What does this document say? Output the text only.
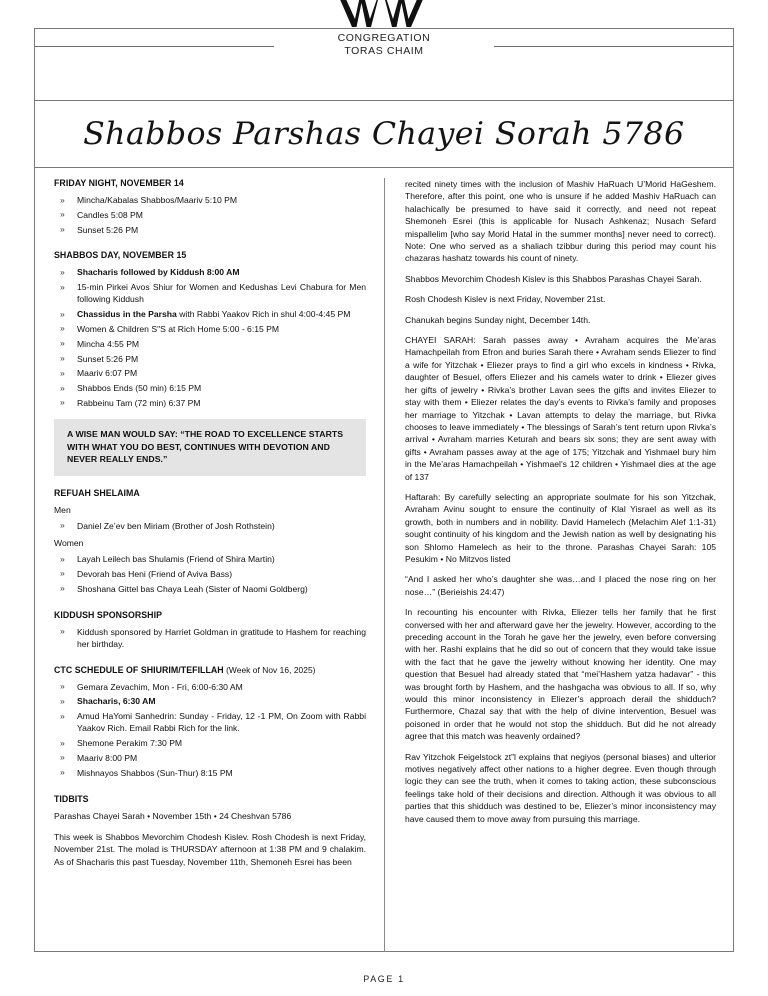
CONGREGATION
TORAS CHAIM
Shabbos Parshas Chayei Sorah 5786
FRIDAY NIGHT, NOVEMBER 14
» Mincha/Kabalas Shabbos/Maariv 5:10 PM
» Candles 5:08 PM
» Sunset 5:26 PM
SHABBOS DAY, NOVEMBER 15
» Shacharis followed by Kiddush 8:00 AM
» 15-min Pirkei Avos Shiur for Women and Kedushas Levi Chabura for Men following Kiddush
» Chassidus in the Parsha with Rabbi Yaakov Rich in shul 4:00-4:45 PM
» Women & Children S"S at Rich Home 5:00 - 6:15 PM
» Mincha 4:55 PM
» Sunset 5:26 PM
» Maariv 6:07 PM
» Shabbos Ends (50 min) 6:15 PM
» Rabbeinu Tam (72 min) 6:37 PM
A WISE MAN WOULD SAY: “THE ROAD TO EXCELLENCE STARTS WITH WHAT YOU DO BEST, CONTINUES WITH DEVOTION AND NEVER REALLY ENDS.”
REFUAH SHELAIMA
Men
» Daniel Ze’ev ben Miriam (Brother of Josh Rothstein)
Women
» Layah Leilech bas Shulamis (Friend of Shira Martin)
» Devorah bas Heni (Friend of Aviva Bass)
» Shoshana Gittel bas Chaya Leah (Sister of Naomi Goldberg)
KIDDUSH SPONSORSHIP
» Kiddush sponsored by Harriet Goldman in gratitude to Hashem for reaching her birthday.
CTC SCHEDULE OF SHIURIM/TEFILLAH (Week of Nov 16, 2025)
» Gemara Zevachim, Mon - Fri, 6:00-6:30 AM
» Shacharis, 6:30 AM
» Amud HaYomi Sanhedrin: Sunday - Friday, 12 -1 PM, On Zoom with Rabbi Yaakov Rich. Email Rabbi Rich for the link.
» Shemone Perakim 7:30 PM
» Maariv 8:00 PM
» Mishnayos Shabbos (Sun-Thur) 8:15 PM
TIDBITS

Parashas Chayei Sarah • November 15th • 24 Cheshvan 5786

This week is Shabbos Mevorchim Chodesh Kislev. Rosh Chodesh is next Friday, November 21st. The molad is THURSDAY afternoon at 1:38 PM and 9 chalakim. As of Shacharis this past Tuesday, November 11th, Shemoneh Esrei has been

recited ninety times with the inclusion of Mashiv HaRuach U’Morid HaGeshem. Therefore, after this point, one who is unsure if he added Mashiv HaRuach can halachically be presumed to have said it correctly, and need not repeat Shemoneh Esrei (this is applicable for Nusach Ashkenaz; Nusach Sefard mispallelim [who say Morid Hatal in the summer months] never need to correct). Note: One who served as a shaliach tzibbur during this period may count his chazaras hashatz towards his count of ninety.

Shabbos Mevorchim Chodesh Kislev is this Shabbos Parashas Chayei Sarah.

Rosh Chodesh Kislev is next Friday, November 21st.

Chanukah begins Sunday night, December 14th.

CHAYEI SARAH: Sarah passes away • Avraham acquires the Me’aras Hamachpeilah from Efron and buries Sarah there • Avraham sends Eliezer to find a wife for Yitzchak • Eliezer prays to find a girl who excels in kindness • Rivka, daughter of Besuel, offers Eliezer and his camels water to drink • Eliezer gives her gifts of jewelry • Rivka’s brother Lavan sees the gifts and invites Eliezer to stay with them • Eliezer relates the day’s events to Rivka’s family and proposes her marriage to Yitzchak • Lavan attempts to delay the marriage, but Rivka chooses to leave immediately • The blessings of Sarah’s tent return upon Rivka’s arrival • Avraham marries Keturah and bears six sons; they are sent away with gifts • Avraham passes away at the age of 175; Yitzchak and Yishmael bury him in the Me’aras Hamachpeilah • Yishmael’s 12 children • Yishmael dies at the age of 137

Haftarah: By carefully selecting an appropriate soulmate for his son Yitzchak, Avraham Avinu sought to ensure the continuity of Klal Yisrael as well as its growth, both in numbers and in nobility. David Hamelech (Melachim Alef 1:1-31) sought continuity of his kingdom and the Jewish nation as well by designating his son Shlomo Hamelech as heir to the throne. Parashas Chayei Sarah: 105 Pesukim • No Mitzvos listed

“And I asked her who’s daughter she was…and I placed the nose ring on her nose…” (Berieishis 24:47)

In recounting his encounter with Rivka, Eliezer tells her family that he first conversed with her and afterward gave her the jewelry. However, according to the preceding account in the Torah he gave her the jewelry, even before conversing with her. Rashi explains that he did so out of concern that they would take issue with the fact that he gave the jewelry without knowing her identity. One may question that Besuel had already stated that “mei’Hashem yatza hadavar” - this was brought forth by Hashem, and the hashgacha was obvious to all. If so, why would this minor inconsistency in Eliezer’s approach derail the shidduch? Furthermore, Chazal say that with the help of divine intervention, Besuel was poisoned in order that he would not stop the shidduch. But did he not already agree that this match was heavenly ordained?

Rav Yitzchok Feigelstock zt”l explains that negiyos (personal biases) and ulterior motives negatively affect other nations to a higher degree. Even though through logic they can see the truth, when it comes to taking action, these subconscious feelings take hold of their decisions and direction. Although it was obvious to all parties that this shidduch was destined to be, Eliezer’s minor inconsistency may have caused them to move away from pursuing this marriage.

PAGE 1
